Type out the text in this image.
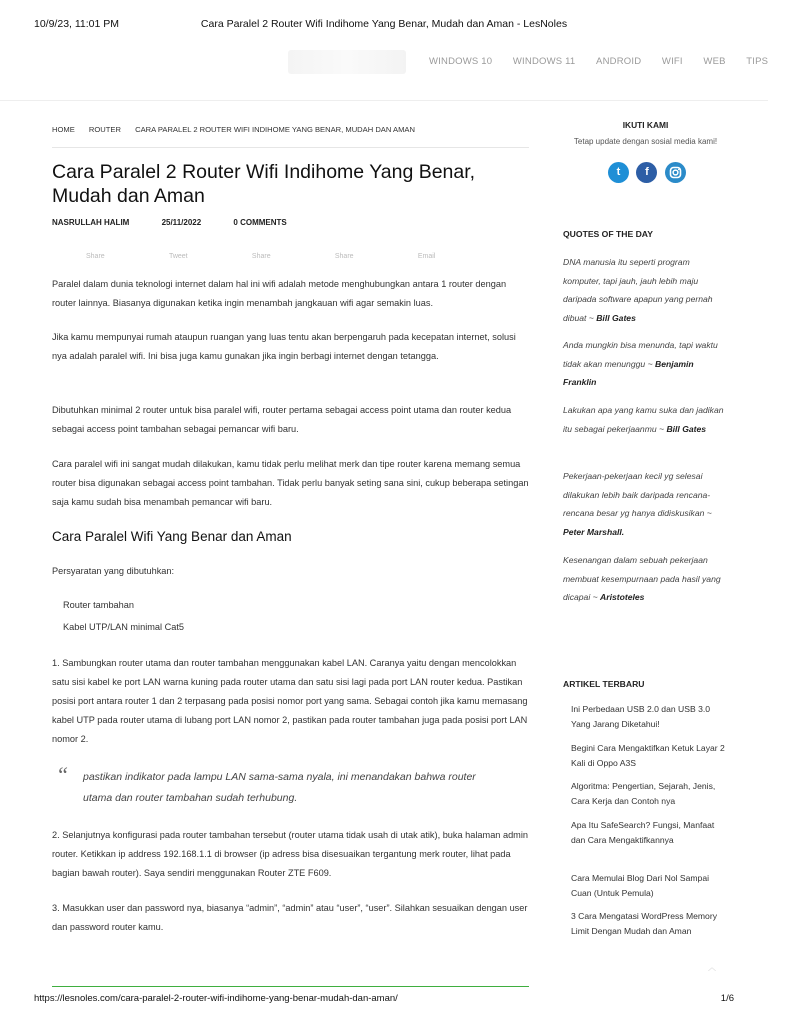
10/9/23, 11:01 PM	Cara Paralel 2 Router Wifi Indihome Yang Benar, Mudah dan Aman - LesNoles
WINDOWS 10 WINDOWS 11 ANDROID WIFI WEB TIPS
HOME ROUTER CARA PARALEL 2 ROUTER WIFI INDIHOME YANG BENAR, MUDAH DAN AMAN
Cara Paralel 2 Router Wifi Indihome Yang Benar, Mudah dan Aman
NASRULLAH HALIM	25/11/2022	0 COMMENTS
Share	Tweet	Share	Share	Email

Paralel dalam dunia teknologi internet dalam hal ini wifi adalah metode menghubungkan antara 1 router dengan router lainnya. Biasanya digunakan ketika ingin menambah jangkauan wifi agar semakin luas.

Jika kamu mempunyai rumah ataupun ruangan yang luas tentu akan berpengaruh pada kecepatan internet, solusi nya adalah paralel wifi. Ini bisa juga kamu gunakan jika ingin berbagi internet dengan tetangga.

Dibutuhkan minimal 2 router untuk bisa paralel wifi, router pertama sebagai access point utama dan router kedua sebagai access point tambahan sebagai pemancar wifi baru.

Cara paralel wifi ini sangat mudah dilakukan, kamu tidak perlu melihat merk dan tipe router karena memang semua router bisa digunakan sebagai access point tambahan. Tidak perlu banyak seting sana sini, cukup beberapa setingan saja kamu sudah bisa menambah pemancar wifi baru.

Cara Paralel Wifi Yang Benar dan Aman

Persyaratan yang dibutuhkan:

Router tambahan
Kabel UTP/LAN minimal Cat5

1. Sambungkan router utama dan router tambahan menggunakan kabel LAN. Caranya yaitu dengan mencolokkan satu sisi kabel ke port LAN warna kuning pada router utama dan satu sisi lagi pada port LAN router kedua. Pastikan posisi port antara router 1 dan 2 terpasang pada posisi nomor port yang sama. Sebagai contoh jika kamu memasang kabel UTP pada router utama di lubang port LAN nomor 2, pastikan pada router tambahan juga pada posisi port LAN nomor 2.

“ pastikan indikator pada lampu LAN sama-sama nyala, ini menandakan bahwa router utama dan router tambahan sudah terhubung.

2. Selanjutnya konfigurasi pada router tambahan tersebut (router utama tidak usah di utak atik), buka halaman admin router. Ketikkan ip address 192.168.1.1 di browser (ip adress bisa disesuaikan tergantung merk router, lihat pada bagian bawah router). Saya sendiri menggunakan Router ZTE F609.

3. Masukkan user dan password nya, biasanya “admin”, “admin” atau “user”, “user”. Silahkan sesuaikan dengan user dan password router kamu.

IKUTI KAMI
Tetap update dengan sosial media kami!
t f
QUOTES OF THE DAY

DNA manusia itu seperti program komputer, tapi jauh, jauh lebih maju daripada software apapun yang pernah dibuat ~ Bill Gates

Anda mungkin bisa menunda, tapi waktu tidak akan menunggu ~ Benjamin Franklin

Lakukan apa yang kamu suka dan jadikan itu sebagai pekerjaanmu ~ Bill Gates

Pekerjaan-pekerjaan kecil yg selesai dilakukan lebih baik daripada rencana-rencana besar yg hanya didiskusikan ~ Peter Marshall.

Kesenangan dalam sebuah pekerjaan membuat kesempurnaan pada hasil yang dicapai ~ Aristoteles

ARTIKEL TERBARU
Ini Perbedaan USB 2.0 dan USB 3.0 Yang Jarang Diketahui!
Begini Cara Mengaktifkan Ketuk Layar 2 Kali di Oppo A3S
Algoritma: Pengertian, Sejarah, Jenis, Cara Kerja dan Contoh nya
Apa Itu SafeSearch? Fungsi, Manfaat dan Cara Mengaktifkannya
Cara Memulai Blog Dari Nol Sampai Cuan (Untuk Pemula)
3 Cara Mengatasi WordPress Memory Limit Dengan Mudah dan Aman
︿
https://lesnoles.com/cara-paralel-2-router-wifi-indihome-yang-benar-mudah-dan-aman/	1/6
